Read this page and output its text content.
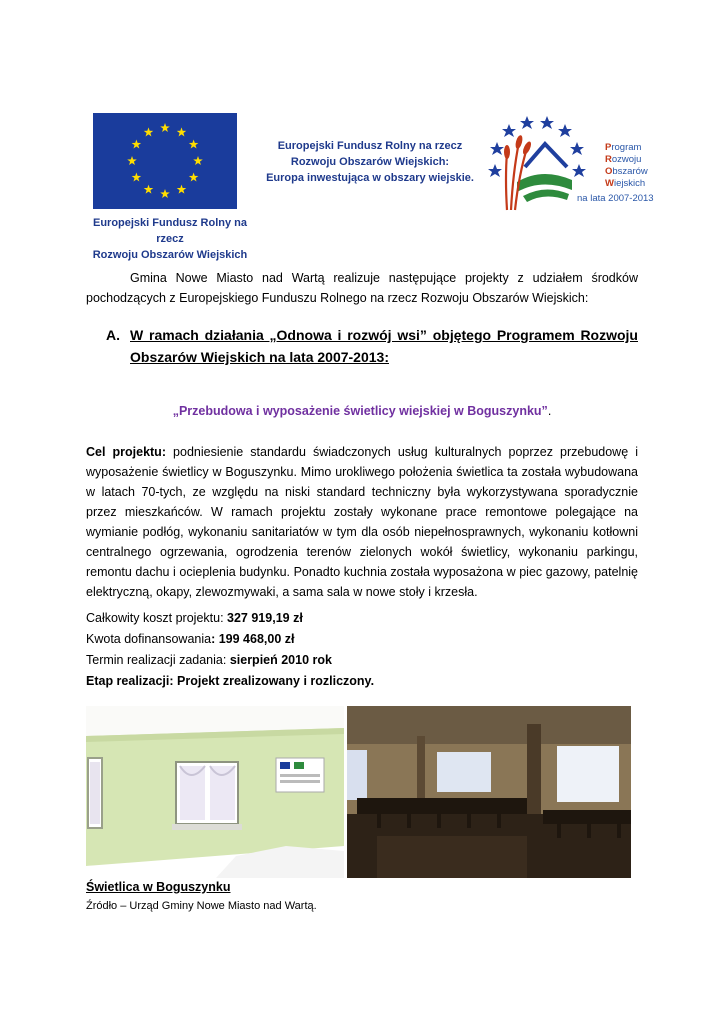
Europejski Fundusz Rolny na rzecz
Rozwoju Obszarów Wiejskich
Europejski Fundusz Rolny na rzecz
Rozwoju Obszarów Wiejskich:
Europa inwestująca w obszary wiejskie.
Program
Rozwoju
Obszarów
Wiejskich
na lata 2007-2013
Gmina Nowe Miasto nad Wartą realizuje następujące projekty z udziałem środków pochodzących z Europejskiego Funduszu Rolnego na rzecz Rozwoju Obszarów Wiejskich:
A. W ramach działania „Odnowa i rozwój wsi” objętego Programem Rozwoju Obszarów Wiejskich na lata 2007-2013:
„Przebudowa i wyposażenie świetlicy wiejskiej w Boguszynku”.
Cel projektu: podniesienie standardu świadczonych usług kulturalnych poprzez przebudowę i wyposażenie świetlicy w Boguszynku. Mimo urokliwego położenia świetlica ta została wybudowana w latach 70-tych, ze względu na niski standard techniczny była wykorzystywana sporadycznie przez mieszkańców. W ramach projektu zostały wykonane prace remontowe polegające na wymianie podłóg, wykonaniu sanitariatów w tym dla osób niepełnosprawnych, wykonaniu kotłowni centralnego ogrzewania, ogrodzenia terenów zielonych wokół świetlicy, wykonaniu parkingu, remontu dachu i ocieplenia budynku. Ponadto kuchnia została wyposażona w piec gazowy, patelnię elektryczną, okapy, zlewozmywaki, a sama sala w nowe stoły i krzesła.
Całkowity koszt projektu: 327 919,19 zł
Kwota dofinansowania: 199 468,00 zł
Termin realizacji zadania: sierpień 2010 rok
Etap realizacji: Projekt zrealizowany i rozliczony.
Świetlica w Boguszynku
Źródło – Urząd Gminy Nowe Miasto nad Wartą.
